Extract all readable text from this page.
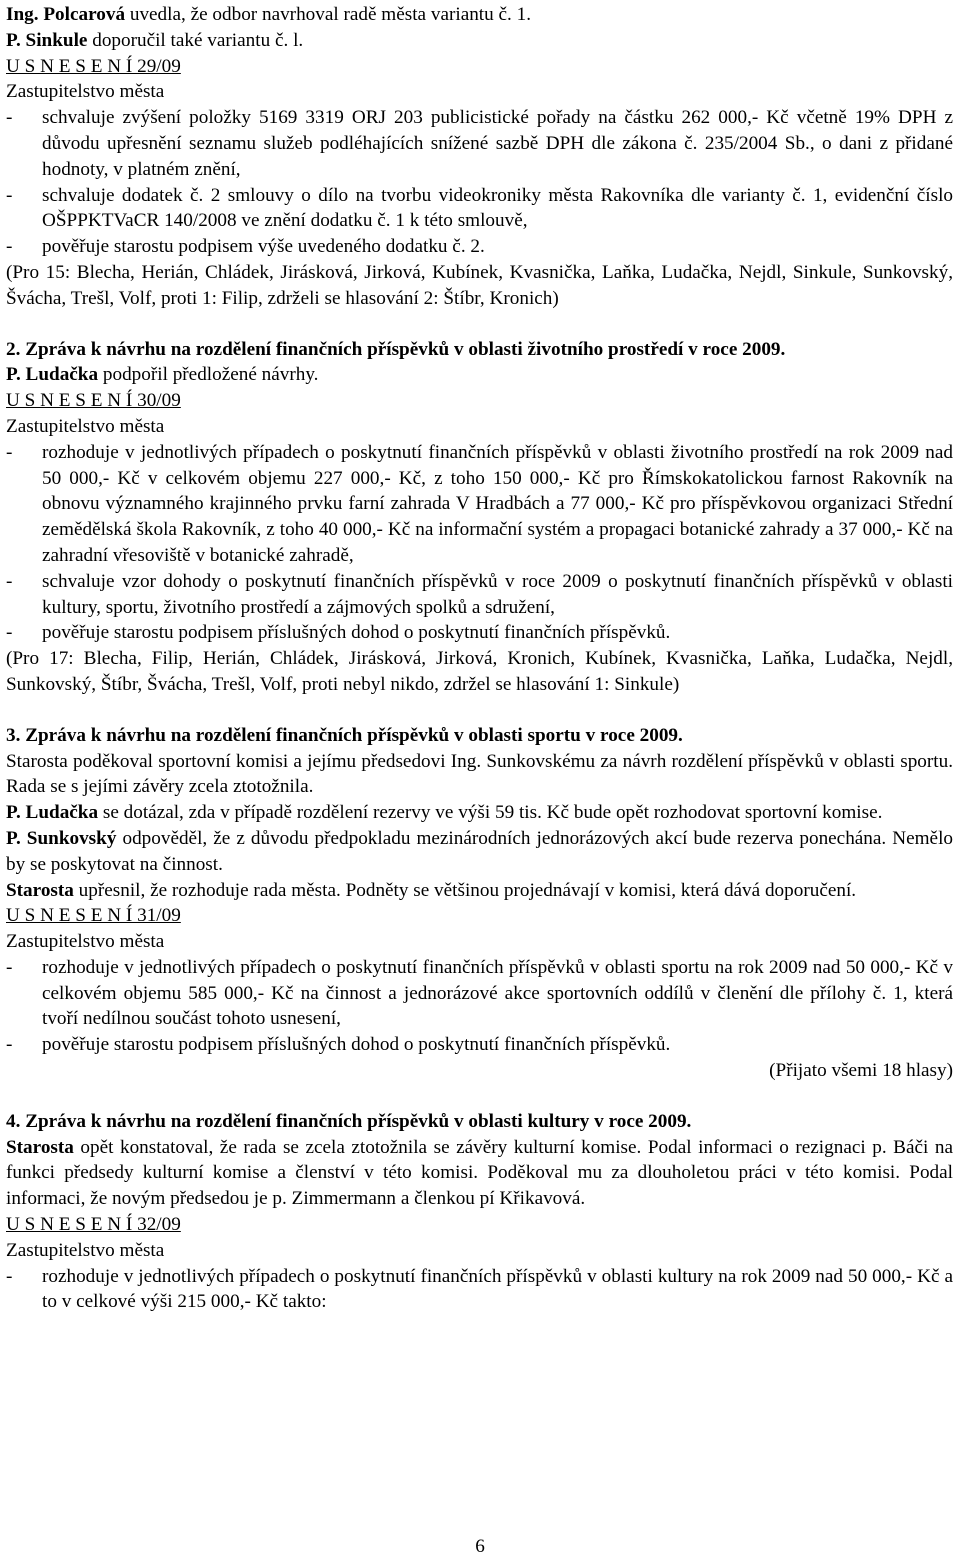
Ing. Polcarová uvedla, že odbor navrhoval radě města variantu č. 1.

P. Sinkule doporučil také variantu č. l.

U S N E S E N Í 29/09

Zastupitelstvo města

-	schvaluje zvýšení položky 5169 3319 ORJ 203 publicistické pořady na částku 262 000,- Kč včetně 19% DPH z důvodu upřesnění seznamu služeb podléhajících snížené sazbě DPH dle zákona č. 235/2004 Sb., o dani z přidané hodnoty, v platném znění,
-	schvaluje dodatek č. 2 smlouvy o dílo na tvorbu videokroniky města Rakovníka dle varianty č. 1, evidenční číslo OŠPPKTVaCR 140/2008 ve znění dodatku č. 1 k této smlouvě,
-	pověřuje starostu podpisem výše uvedeného dodatku č. 2.

(Pro 15: Blecha, Herián, Chládek, Jirásková, Jirková, Kubínek, Kvasnička, Laňka, Ludačka, Nejdl, Sinkule, Sunkovský, Švácha, Trešl, Volf, proti 1: Filip, zdrželi se hlasování 2: Štíbr, Kronich)

2. Zpráva k návrhu na rozdělení finančních příspěvků v oblasti životního prostředí v roce 2009.

P. Ludačka podpořil předložené návrhy.

U S N E S E N Í 30/09

Zastupitelstvo města

-	rozhoduje v jednotlivých případech o poskytnutí finančních příspěvků v oblasti životního prostředí na rok 2009 nad 50 000,- Kč v celkovém objemu 227 000,- Kč, z toho 150 000,- Kč pro Římskokatolickou farnost Rakovník na obnovu významného krajinného prvku farní zahrada V Hradbách a 77 000,- Kč pro příspěvkovou organizaci Střední zemědělská škola Rakovník, z toho 40 000,- Kč na informační systém a propagaci botanické zahrady a 37 000,- Kč na zahradní vřesoviště v botanické zahradě,
-	schvaluje vzor dohody o poskytnutí finančních příspěvků v roce 2009 o poskytnutí finančních příspěvků v oblasti kultury, sportu, životního prostředí a zájmových spolků a sdružení,
-	pověřuje starostu podpisem příslušných dohod o poskytnutí finančních příspěvků.

(Pro 17: Blecha, Filip, Herián, Chládek, Jirásková, Jirková, Kronich, Kubínek, Kvasnička, Laňka, Ludačka, Nejdl, Sunkovský, Štíbr, Švácha, Trešl, Volf, proti nebyl nikdo, zdržel se hlasování 1: Sinkule)

3. Zpráva k návrhu na rozdělení finančních příspěvků v oblasti sportu v roce 2009.

Starosta poděkoval sportovní komisi a jejímu předsedovi Ing. Sunkovskému za návrh rozdělení příspěvků v oblasti sportu. Rada se s jejími závěry zcela ztotožnila.

P. Ludačka se dotázal, zda v případě rozdělení rezervy ve výši 59 tis. Kč bude opět rozhodovat sportovní komise.

P. Sunkovský odpověděl, že z důvodu předpokladu mezinárodních jednorázových akcí bude rezerva ponechána. Nemělo by se poskytovat na činnost.

Starosta upřesnil, že rozhoduje rada města. Podněty se většinou projednávají v komisi, která dává doporučení.

U S N E S E N Í 31/09

Zastupitelstvo města

-	rozhoduje v jednotlivých případech o poskytnutí finančních příspěvků v oblasti sportu na rok 2009 nad 50 000,- Kč v celkovém objemu 585 000,- Kč na činnost a jednorázové akce sportovních oddílů v členění dle přílohy č. 1, která tvoří nedílnou součást tohoto usnesení,
-	pověřuje starostu podpisem příslušných dohod o poskytnutí finančních příspěvků.

(Přijato všemi 18 hlasy)

4. Zpráva k návrhu na rozdělení finančních příspěvků v oblasti kultury v roce 2009.

Starosta opět konstatoval, že rada se zcela ztotožnila se závěry kulturní komise. Podal informaci o rezignaci p. Báči na funkci předsedy kulturní komise a členství v této komisi. Poděkoval mu za dlouholetou práci v této komisi. Podal informaci, že novým předsedou je p. Zimmermann a členkou pí Křikavová.

U S N E S E N Í 32/09

Zastupitelstvo města

-	rozhoduje v jednotlivých případech o poskytnutí finančních příspěvků v oblasti kultury na rok 2009 nad 50 000,- Kč a to v celkové výši 215 000,- Kč takto:
6
